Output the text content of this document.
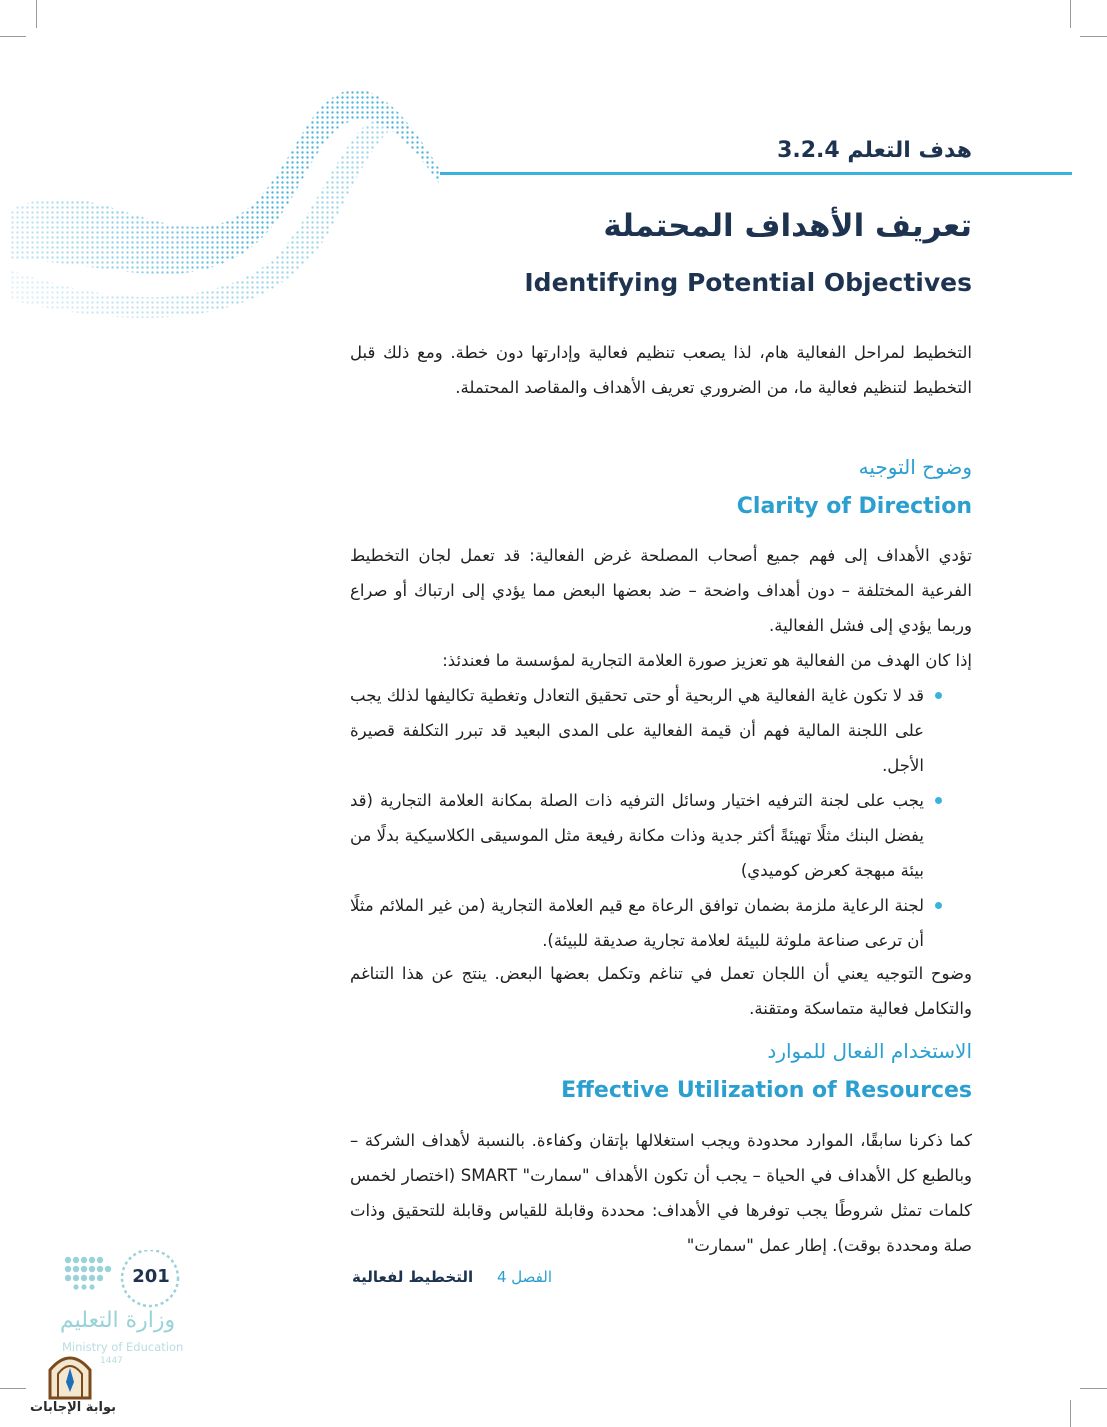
هدف التعلم 3.2.4
تعريف الأهداف المحتملة
Identifying Potential Objectives

التخطيط لمراحل الفعالية هام، لذا يصعب تنظيم فعالية وإدارتها دون خطة. ومع ذلك قبل التخطيط لتنظيم فعالية ما، من الضروري تعريف الأهداف والمقاصد المحتملة.

وضوح التوجيه
Clarity of Direction

تؤدي الأهداف إلى فهم جميع أصحاب المصلحة غرض الفعالية: قد تعمل لجان التخطيط الفرعية المختلفة – دون أهداف واضحة – ضد بعضها البعض مما يؤدي إلى ارتباك أو صراع وربما يؤدي إلى فشل الفعالية.

إذا كان الهدف من الفعالية هو تعزيز صورة العلامة التجارية لمؤسسة ما فعندئذ:
قد لا تكون غاية الفعالية هي الربحية أو حتى تحقيق التعادل وتغطية تكاليفها لذلك يجب على اللجنة المالية فهم أن قيمة الفعالية على المدى البعيد قد تبرر التكلفة قصيرة الأجل.
يجب على لجنة الترفيه اختيار وسائل الترفيه ذات الصلة بمكانة العلامة التجارية (قد يفضل البنك مثلًا تهيئةً أكثر جدية وذات مكانة رفيعة مثل الموسيقى الكلاسيكية بدلًا من بيئة مبهجة كعرض كوميدي)
لجنة الرعاية ملزمة بضمان توافق الرعاة مع قيم العلامة التجارية (من غير الملائم مثلًا أن ترعى صناعة ملوثة للبيئة لعلامة تجارية صديقة للبيئة).

وضوح التوجيه يعني أن اللجان تعمل في تناغم وتكمل بعضها البعض. ينتج عن هذا التناغم والتكامل فعالية متماسكة ومتقنة.

الاستخدام الفعال للموارد
Effective Utilization of Resources

كما ذكرنا سابقًا، الموارد محدودة ويجب استغلالها بإتقان وكفاءة. بالنسبة لأهداف الشركة – وبالطبع كل الأهداف في الحياة – يجب أن تكون الأهداف "سمارت" SMART (اختصار لخمس كلمات تمثل شروطًا يجب توفرها في الأهداف: محددة وقابلة للقياس وقابلة للتحقيق وذات صلة ومحددة بوقت). إطار عمل "سمارت"

الفصل 4     التخطيط لفعالية
201
وزارة التعليم
Ministry of Education
1447
بوابة الإجابات
